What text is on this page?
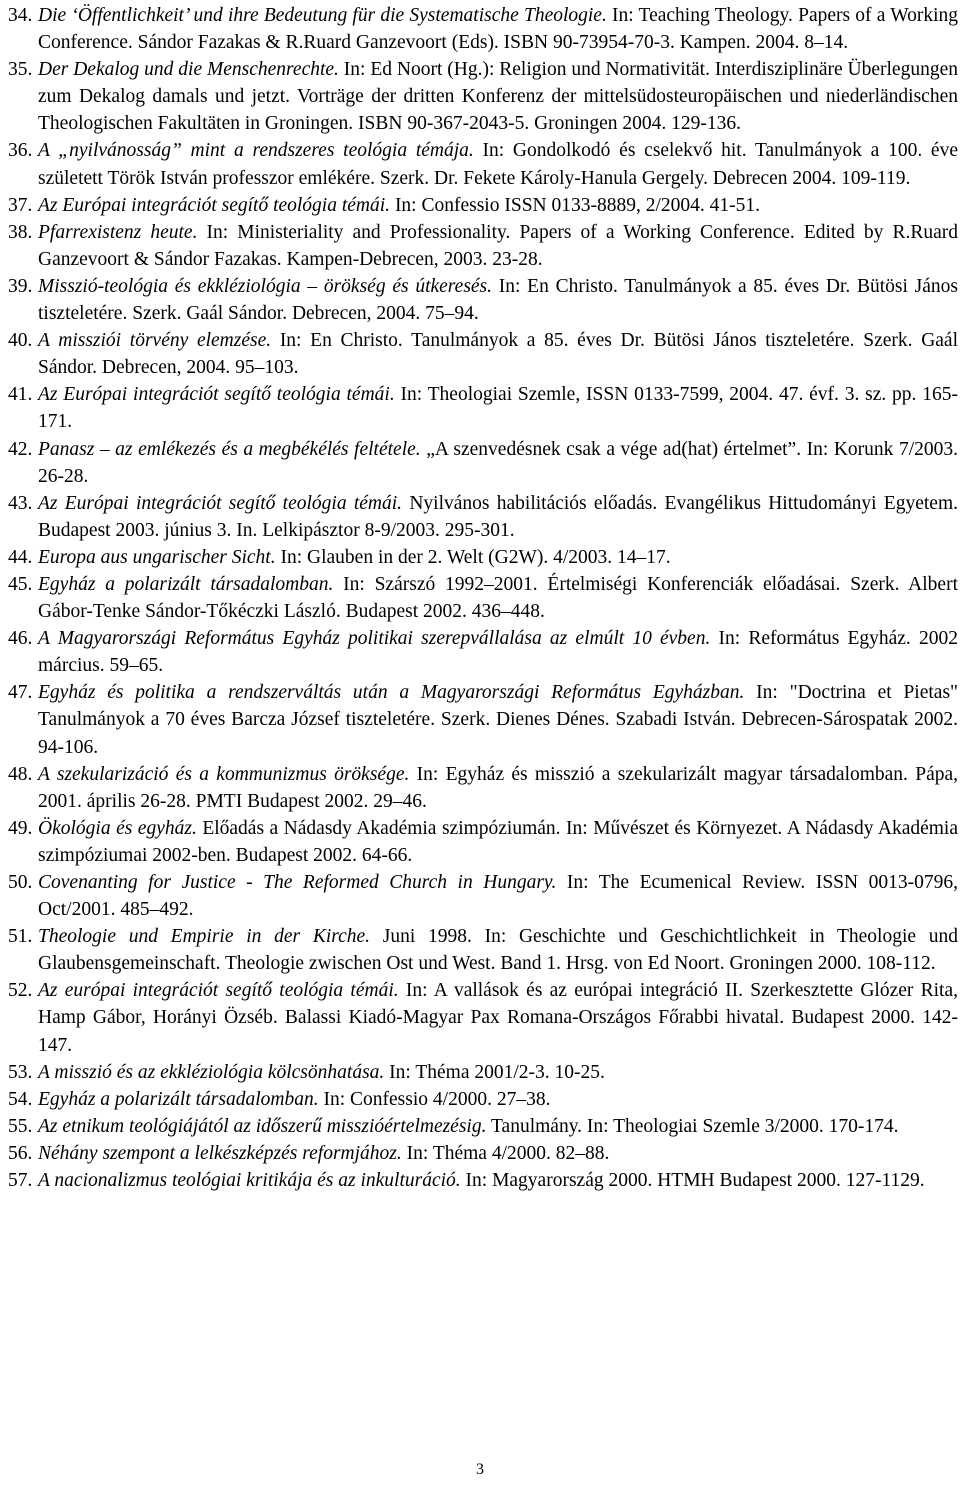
34. Die ‘Öffentlichkeit’ und ihre Bedeutung für die Systematische Theologie. In: Teaching Theology. Papers of a Working Conference. Sándor Fazakas & R.Ruard Ganzevoort (Eds). ISBN 90-73954-70-3. Kampen. 2004. 8–14.
35. Der Dekalog und die Menschenrechte. In: Ed Noort (Hg.): Religion und Normativität. Interdisziplinäre Überlegungen zum Dekalog damals und jetzt. Vorträge der dritten Konferenz der mittelsüdosteuropäischen und niederländischen Theologischen Fakultäten in Groningen. ISBN 90-367-2043-5. Groningen 2004. 129-136.
36. A „nyilvánosság” mint a rendszeres teológia témája. In: Gondolkodó és cselekvő hit. Tanulmányok a 100. éve született Török István professzor emlékére. Szerk. Dr. Fekete Károly-Hanula Gergely. Debrecen 2004. 109-119.
37. Az Európai integrációt segítő teológia témái. In: Confessio ISSN 0133-8889, 2/2004. 41-51.
38. Pfarrexistenz heute. In: Ministeriality and Professionality. Papers of a Working Conference. Edited by R.Ruard Ganzevoort & Sándor Fazakas. Kampen-Debrecen, 2003. 23-28.
39. Misszió-teológia és ekkléziológia – örökség és útkeresés. In: En Christo. Tanulmányok a 85. éves Dr. Bütösi János tiszteletére. Szerk. Gaál Sándor. Debrecen, 2004. 75‒94.
40. A missziói törvény elemzése. In: En Christo. Tanulmányok a 85. éves Dr. Bütösi János tiszteletére. Szerk. Gaál Sándor. Debrecen, 2004. 95‒103.
41. Az Európai integrációt segítő teológia témái. In: Theologiai Szemle, ISSN 0133-7599, 2004. 47. évf. 3. sz. pp. 165-171.
42. Panasz – az emlékezés és a megbékélés feltétele. „A szenvedésnek csak a vége ad(hat) értelmet”. In: Korunk 7/2003. 26-28.
43. Az Európai integrációt segítő teológia témái. Nyilvános habilitációs előadás. Evangélikus Hittudományi Egyetem. Budapest 2003. június 3. In. Lelkipásztor 8-9/2003. 295-301.
44. Europa aus ungarischer Sicht. In: Glauben in der 2. Welt (G2W). 4/2003. 14‒17.
45. Egyház a polarizált társadalomban. In: Szárszó 1992‒2001. Értelmiségi Konferenciák előadásai. Szerk. Albert Gábor-Tenke Sándor-Tőkéczki László. Budapest 2002. 436‒448.
46. A Magyarországi Református Egyház politikai szerepvállalása az elmúlt 10 évben. In: Református Egyház. 2002 március. 59‒65.
47. Egyház és politika a rendszerváltás után a Magyarországi Református Egyházban. In: "Doctrina et Pietas" Tanulmányok a 70 éves Barcza József tiszteletére. Szerk. Dienes Dénes. Szabadi István. Debrecen-Sárospatak 2002. 94-106.
48. A szekularizáció és a kommunizmus öröksége. In: Egyház és misszió a szekularizált magyar társadalomban. Pápa, 2001. április 26-28. PMTI Budapest 2002. 29–46.
49. Ökológia és egyház. Előadás a Nádasdy Akadémia szimpóziumán. In: Művészet és Környezet. A Nádasdy Akadémia szimpóziumai 2002-ben. Budapest 2002. 64-66.
50. Covenanting for Justice - The Reformed Church in Hungary. In: The Ecumenical Review. ISSN 0013-0796, Oct/2001. 485‒492.
51. Theologie und Empirie in der Kirche. Juni 1998. In: Geschichte und Geschichtlichkeit in Theologie und Glaubensgemeinschaft. Theologie zwischen Ost und West. Band 1. Hrsg. von Ed Noort. Groningen 2000. 108-112.
52. Az európai integrációt segítő teológia témái. In: A vallások és az európai integráció II. Szerkesztette Glózer Rita, Hamp Gábor, Horányi Özséb. Balassi Kiadó-Magyar Pax Romana-Országos Főrabbi hivatal. Budapest 2000. 142-147.
53. A misszió és az ekkléziológia kölcsönhatása. In: Théma 2001/2-3. 10-25.
54. Egyház a polarizált társadalomban. In: Confessio 4/2000. 27‒38.
55. Az etnikum teológiájától az időszerű misszióértelmezésig. Tanulmány. In: Theologiai Szemle 3/2000. 170-174.
56. Néhány szempont a lelkészképzés reformjához. In: Théma 4/2000. 82‒88.
57. A nacionalizmus teológiai kritikája és az inkulturáció. In: Magyarország 2000. HTMH Budapest 2000. 127-1129.
3
